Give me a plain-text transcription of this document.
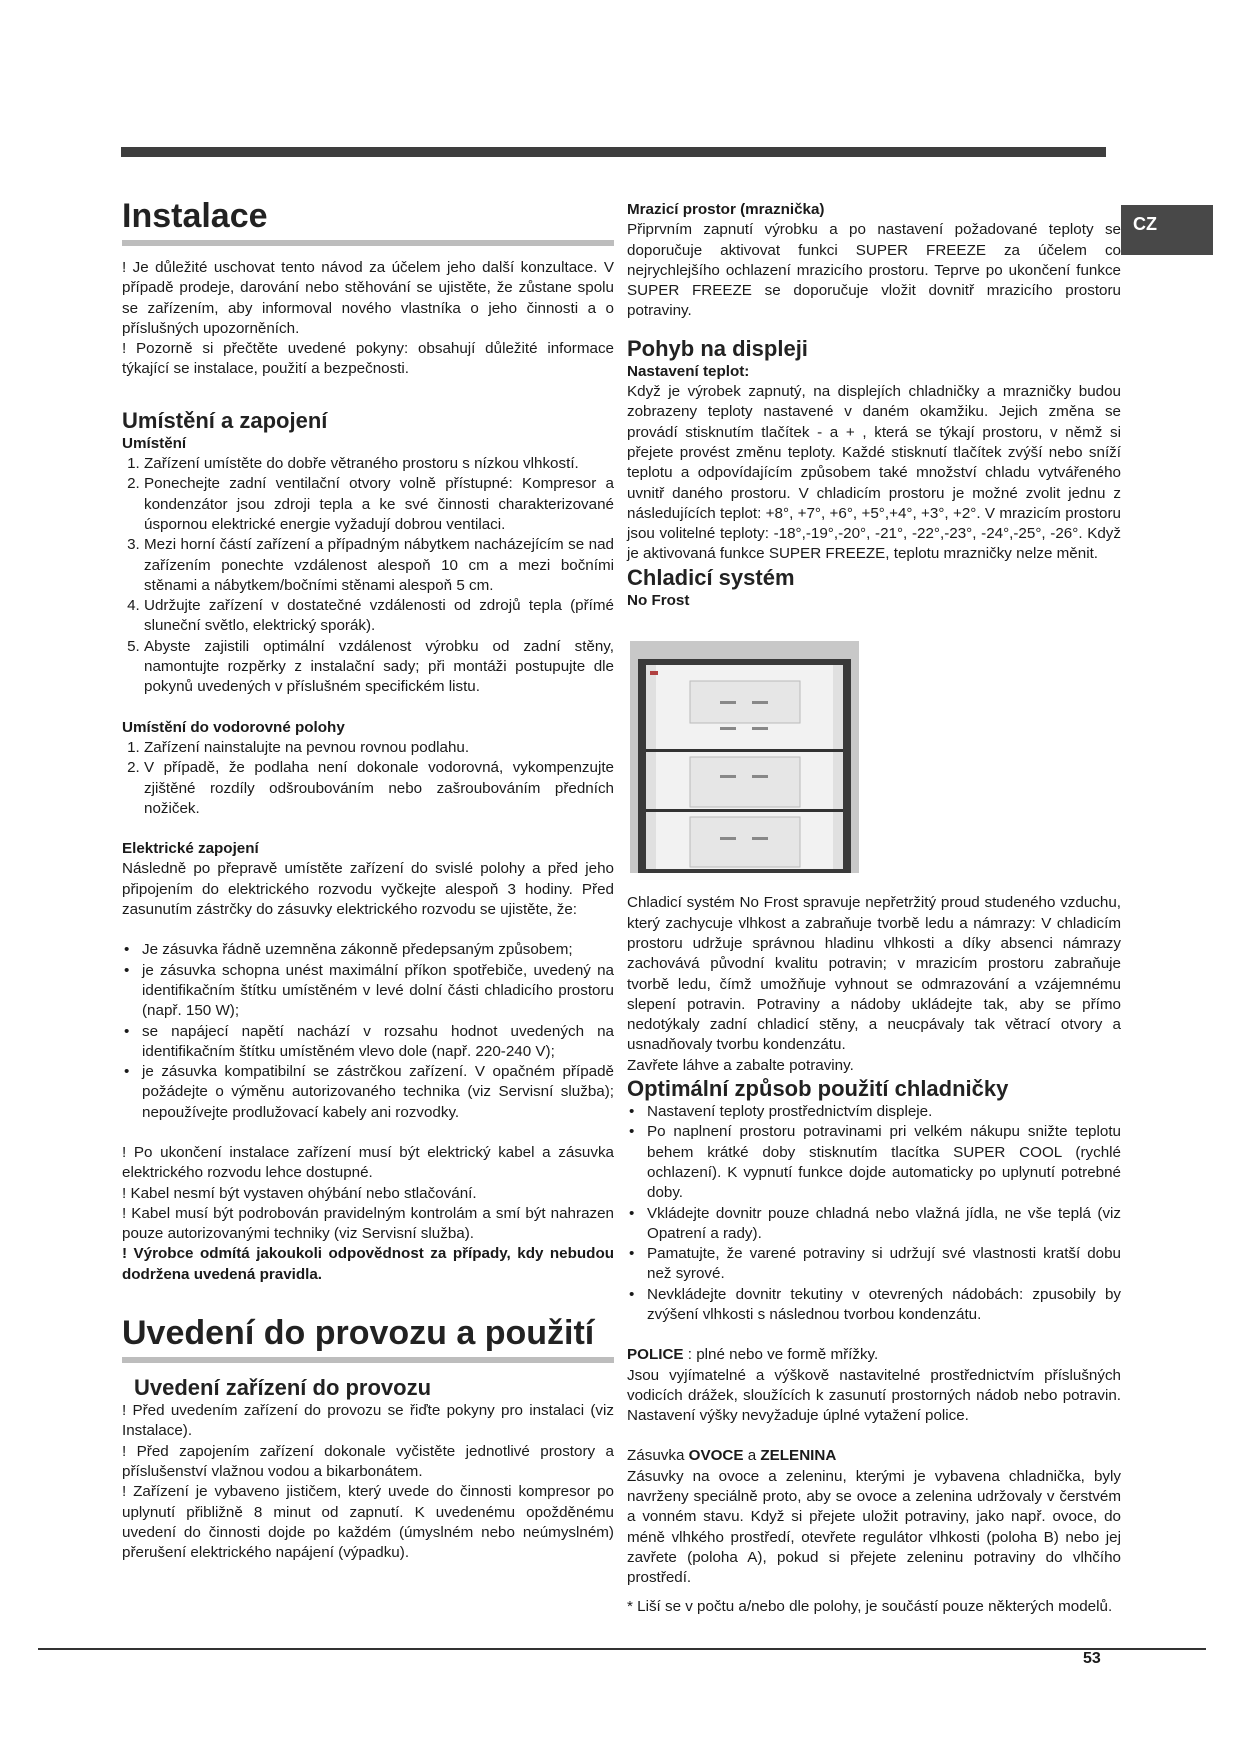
CZ
Instalace

! Je důležité uschovat tento návod za účelem jeho další konzultace. V případě prodeje, darování nebo stěhování se ujistěte, že zůstane spolu se zařízením, aby informoval nového vlastníka o jeho činnosti a o příslušných upozorněních.

! Pozorně si přečtěte uvedené pokyny: obsahují důležité informace týkající se instalace, použití a bezpečnosti.

Umístění a zapojení
Umístění
1. Zařízení umístěte do dobře větraného prostoru s nízkou vlhkostí.
2. Ponechejte zadní ventilační otvory volně přístupné: Kompresor a kondenzátor jsou zdroji tepla a ke své činnosti charakterizované úspornou elektrické energie vyžadují dobrou ventilaci.
3. Mezi horní částí zařízení a případným nábytkem nacházejícím se nad zařízením ponechte vzdálenost alespoň 10 cm a mezi bočními stěnami a nábytkem/bočními stěnami alespoň 5 cm.
4. Udržujte zařízení v dostatečné vzdálenosti od zdrojů tepla (přímé sluneční světlo, elektrický sporák).
5. Abyste zajistili optimální vzdálenost výrobku od zadní stěny, namontujte rozpěrky z instalační sady; při montáži postupujte dle pokynů uvedených v příslušném specifickém listu.
Umístění do vodorovné polohy
1. Zařízení nainstalujte na pevnou rovnou podlahu.
2. V případě, že podlaha není dokonale vodorovná, vykompenzujte zjištěné rozdíly odšroubováním nebo zašroubováním předních nožiček.
Elektrické zapojení

Následně po přepravě umístěte zařízení do svislé polohy a před jeho připojením do elektrického rozvodu vyčkejte alespoň 3 hodiny. Před zasunutím zástrčky do zásuvky elektrického rozvodu se ujistěte, že:

• Je zásuvka řádně uzemněna zákonně předepsaným způsobem;
• je zásuvka schopna unést maximální příkon spotřebiče, uvedený na identifikačním štítku umístěném v levé dolní části chladicího prostoru (např. 150 W);
• se napájecí napětí nachází v rozsahu hodnot uvedených na identifikačním štítku umístěném vlevo dole (např. 220-240 V);
• je zásuvka kompatibilní se zástrčkou zařízení. V opačném případě požádejte o výměnu autorizovaného technika (viz Servisní služba); nepoužívejte prodlužovací kabely ani rozvodky.

! Po ukončení instalace zařízení musí být elektrický kabel a zásuvka elektrického rozvodu lehce dostupné.

! Kabel nesmí být vystaven ohýbání nebo stlačování.

! Kabel musí být podrobován pravidelným kontrolám a smí být nahrazen pouze autorizovanými techniky (viz Servisní služba).

! Výrobce odmítá jakoukoli odpovědnost za případy, kdy nebudou dodržena uvedená pravidla.

Uvedení do provozu a použití
Uvedení zařízení do provozu

! Před uvedením zařízení do provozu se řiďte pokyny pro instalaci (viz Instalace).

! Před zapojením zařízení dokonale vyčistěte jednotlivé prostory a příslušenství vlažnou vodou a bikarbonátem.

! Zařízení je vybaveno jističem, který uvede do činnosti kompresor po uplynutí přibližně 8 minut od zapnutí. K uvedenému opožděnému uvedení do činnosti dojde po každém (úmyslném nebo neúmyslném) přerušení elektrického napájení (výpadku).

Mrazicí prostor (mraznička)

Připrvním zapnutí výrobku a po nastavení požadované teploty se doporučuje aktivovat funkci SUPER FREEZE za účelem co nejrychlejšího ochlazení mrazicího prostoru. Teprve po ukončení funkce SUPER FREEZE se doporučuje vložit dovnitř mrazicího prostoru potraviny.

Pohyb na displeji
Nastavení teplot:

Když je výrobek zapnutý, na displejích chladničky a mrazničky budou zobrazeny teploty nastavené v daném okamžiku. Jejich změna se provádí stisknutím tlačítek - a + , která se týkají prostoru, v němž si přejete provést změnu teploty. Každé stisknutí tlačítek zvýší nebo sníží teplotu a odpovídajícím způsobem také množství chladu vytvářeného uvnitř daného prostoru. V chladicím prostoru je možné zvolit jednu z následujících teplot: +8°, +7°, +6°, +5°,+4°, +3°, +2°. V mrazicím prostoru jsou volitelné teploty: -18°,-19°,-20°, -21°, -22°,-23°, -24°,-25°, -26°. Když je aktivovaná funkce SUPER FREEZE, teplotu mrazničky nelze měnit.

Chladicí systém
No Frost

Chladicí systém No Frost spravuje nepřetržitý proud studeného vzduchu, který zachycuje vlhkost a zabraňuje tvorbě ledu a námrazy: V chladicím prostoru udržuje správnou hladinu vlhkosti a díky absenci námrazy zachovává původní kvalitu potravin; v mrazicím prostoru zabraňuje tvorbě ledu, čímž umožňuje vyhnout se odmrazování a vzájemnému slepení potravin. Potraviny a nádoby ukládejte tak, aby se přímo nedotýkaly zadní chladicí stěny, a neucpávaly tak větrací otvory a usnadňovaly tvorbu kondenzátu.

Zavřete láhve a zabalte potraviny.

Optimální způsob použití chladničky
• Nastavení teploty prostřednictvím displeje.
• Po naplnení prostoru potravinami pri velkém nákupu snižte teplotu behem krátké doby stisknutím tlacítka SUPER COOL (rychlé ochlazení). K vypnutí funkce dojde automaticky po uplynutí potrebné doby.
• Vkládejte dovnitr pouze chladná nebo vlažná jídla, ne vše teplá (viz Opatrení a rady).
• Pamatujte, že varené potraviny si udržují své vlastnosti kratší dobu než syrové.
• Nevkládejte dovnitr tekutiny v otevrených nádobách: zpusobily by zvýšení vlhkosti s následnou tvorbou kondenzátu.

POLICE : plné nebo ve formě mřížky.

Jsou vyjímatelné a výškově nastavitelné prostřednictvím příslušných vodicích drážek, sloužících k zasunutí prostorných nádob nebo potravin. Nastavení výšky nevyžaduje úplné vytažení police.

Zásuvka OVOCE a ZELENINA

Zásuvky na ovoce a zeleninu, kterými je vybavena chladnička, byly navrženy speciálně proto, aby se ovoce a zelenina udržovaly v čerstvém a vonném stavu. Když si přejete uložit potraviny, jako např. ovoce, do méně vlhkého prostředí, otevřete regulátor vlhkosti (poloha B) nebo jej zavřete (poloha A), pokud si přejete zeleninu potraviny do vlhčího prostředí.

* Liší se v počtu a/nebo dle polohy, je součástí pouze některých modelů.

53
